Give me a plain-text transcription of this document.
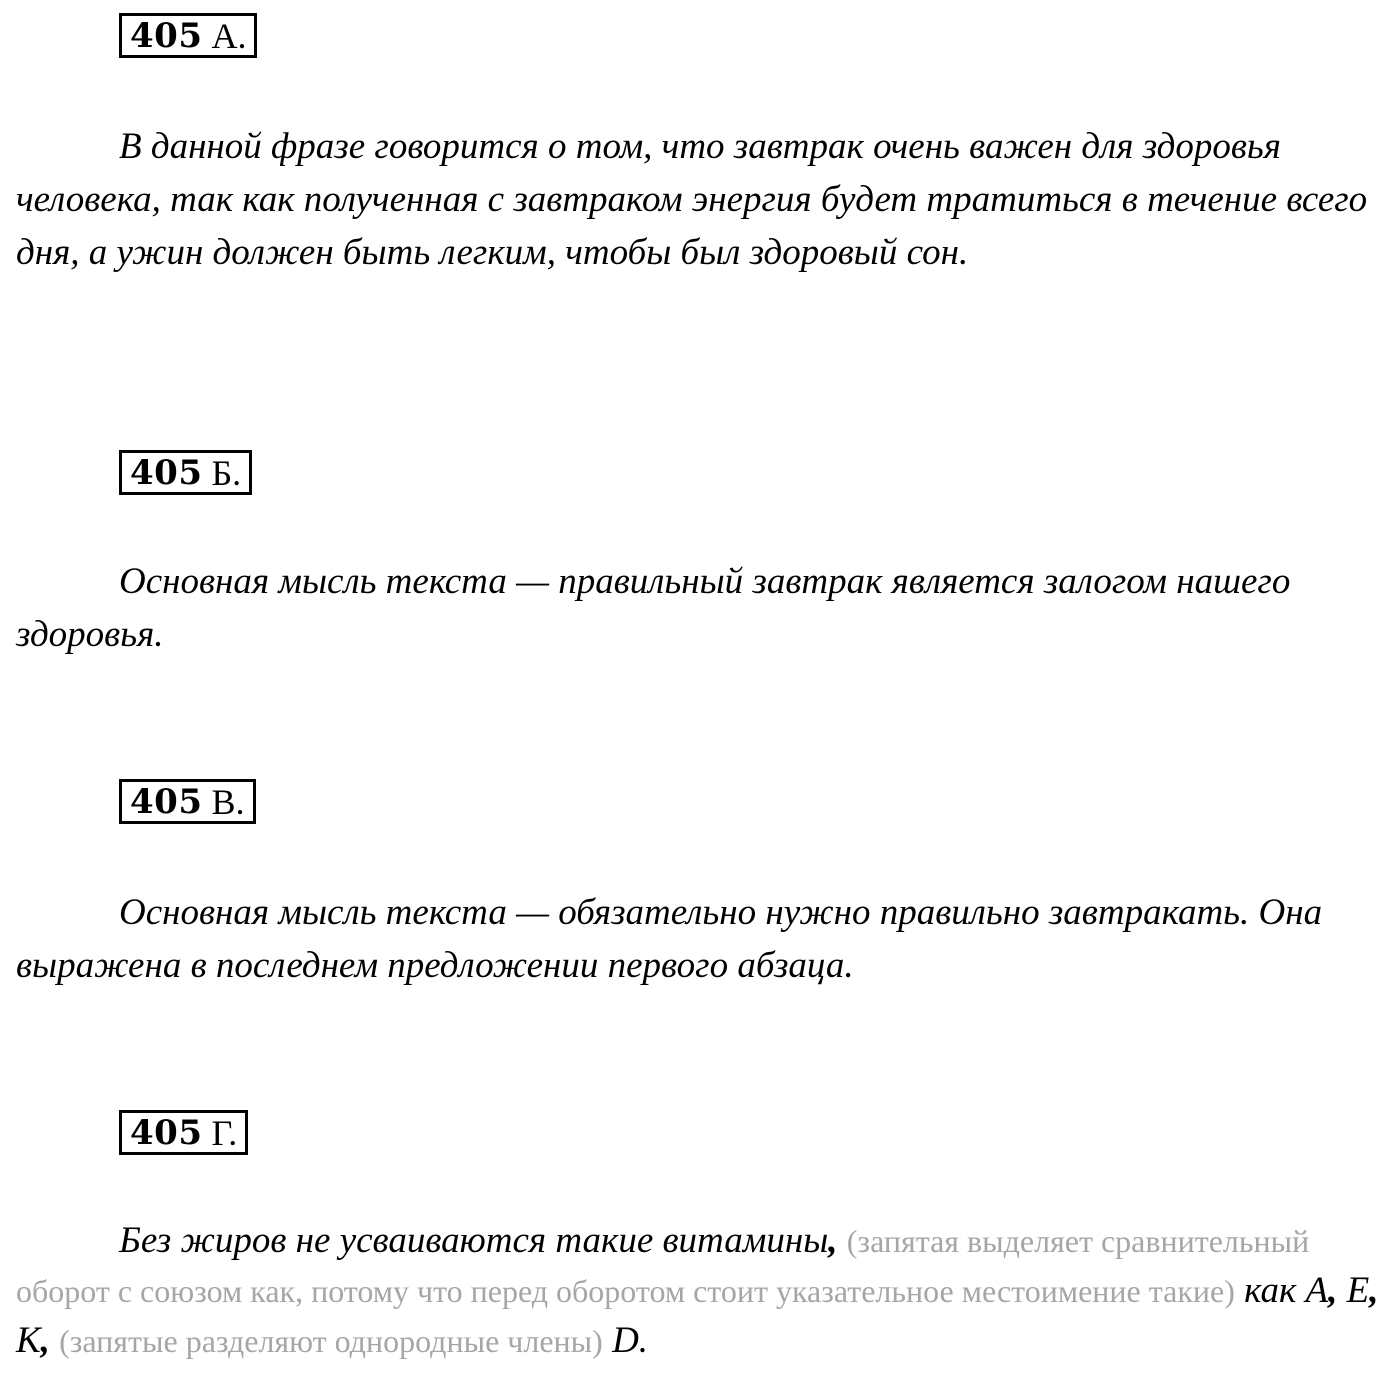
405 А.

В данной фразе говорится о том, что завтрак очень важен для здоровья человека, так как полученная с завтраком энергия будет тратиться в течение всего дня, а ужин должен быть легким, чтобы был здоровый сон.

405 Б.

Основная мысль текста — правильный завтрак является залогом нашего здоровья.

405 В.

Основная мысль текста — обязательно нужно правильно завтракать. Она выражена в последнем предложении первого абзаца.

405 Г.

Без жиров не усваиваются такие витамины, (запятая выделяет сравнительный оборот с союзом как, потому что перед оборотом стоит указательное местоимение такие) как А, Е, К, (запятые разделяют однородные члены) D.
